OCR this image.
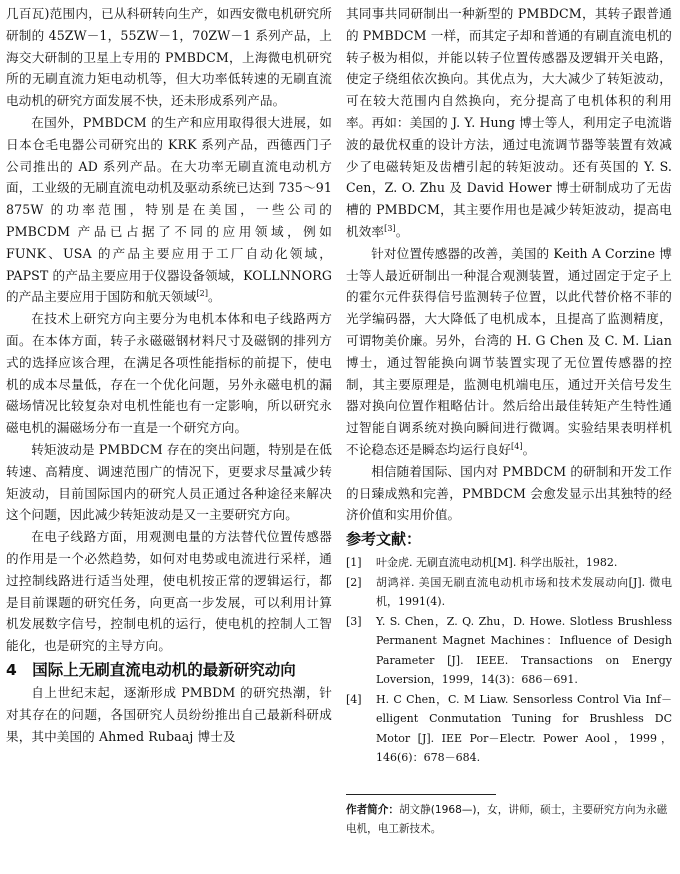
几百瓦)范围内，已从科研转向生产，如西安微电机研究所研制的 45ZW－1，55ZW－1，70ZW－1 系列产品，上海交大研制的卫星上专用的 PMBDCM，上海微电机研究所的无刷直流力矩电动机等，但大功率低转速的无刷直流电动机的研究方面发展不快，还未形成系列产品。

在国外，PMBDCM 的生产和应用取得很大进展，如日本仓毛电器公司研究出的 KRK 系列产品，西德西门子公司推出的 AD 系列产品。在大功率无刷直流电动机方面，工业级的无刷直流电动机及驱动系统已达到 735～91 875W 的功率范围，特别是在美国，一些公司的 PMBCDM 产品已占据了不同的应用领域，例如 FUNK、USA 的产品主要应用于工厂自动化领域，PAPST 的产品主要应用于仪器设备领域，KOLLNNORG 的产品主要应用于国防和航天领域[2]。

在技术上研究方向主要分为电机本体和电子线路两方面。在本体方面，转子永磁磁钢材料尺寸及磁钢的排列方式的选择应该合理，在满足各项性能指标的前提下，使电机的成本尽量低，存在一个优化问题，另外永磁电机的漏磁场情况比较复杂对电机性能也有一定影响，所以研究永磁电机的漏磁场分布一直是一个研究方向。

转矩波动是 PMBDCM 存在的突出问题，特别是在低转速、高精度、调速范围广的情况下，更要求尽量减少转矩波动，目前国际国内的研究人员正通过各种途径来解决这个问题，因此减少转矩波动是又一主要研究方向。

在电子线路方面，用观测电量的方法替代位置传感器的作用是一个必然趋势，如何对电势或电流进行采样，通过控制线路进行适当处理，使电机按正常的逻辑运行，都是目前课题的研究任务，向更高一步发展，可以利用计算机发展数字信号，控制电机的运行，使电机的控制人工智能化，也是研究的主导方向。

4　国际上无刷直流电动机的最新研究动向

自上世纪末起，逐渐形成 PMBDM 的研究热潮，针对其存在的问题，各国研究人员纷纷推出自己最新科研成果，其中美国的 Ahmed Rubaaj 博士及

其同事共同研制出一种新型的 PMBDCM，其转子跟普通的 PMBDCM 一样，而其定子却和普通的有刷直流电机的转子极为相似，并能以转子位置传感器及逻辑开关电路，使定子绕组依次换向。其优点为，大大减少了转矩波动，可在较大范围内自然换向，充分提高了电机体积的利用率。再如：美国的 J. Y. Hung 博士等人，利用定子电流谐波的最优权重的设计方法，通过电流调节器等装置有效减少了电磁转矩及齿槽引起的转矩波动。还有英国的 Y. S. Cen，Z. O. Zhu 及 David Hower 博士研制成功了无齿槽的 PMBDCM，其主要作用也是减少转矩波动，提高电机效率[3]。

针对位置传感器的改善，美国的 Keith A Corzine 博士等人最近研制出一种混合观测装置，通过固定于定子上的霍尔元件获得信号监测转子位置，以此代替价格不菲的光学编码器，大大降低了电机成本，且提高了监测精度，可谓物美价廉。另外，台湾的 H. G Chen 及 C. M. Lian 博士，通过智能换向调节装置实现了无位置传感器的控制，其主要原理是，监测电机端电压，通过开关信号发生器对换向位置作粗略估计。然后给出最佳转矩产生特性通过智能自调系统对换向瞬间进行微调。实验结果表明样机不论稳态还是瞬态均运行良好[4]。

相信随着国际、国内对 PMBDCM 的研制和开发工作的日臻成熟和完善，PMBDCM 会愈发显示出其独特的经济价值和实用价值。

参考文献：
[1]	叶金虎. 无刷直流电动机[M]. 科学出版社，1982.
[2]	胡鸿祥. 美国无刷直流电动机市场和技术发展动向[J]. 微电机，1991(4).
[3]	Y. S. Chen，Z. Q. Zhu，D. Howe. Slotless Brushless Permanent Magnet Machines：Influence of Desigh Parameter [J]. IEEE. Transactions on Energy Loversion，1999，14(3)：686－691.
[4]	H. C Chen，C. M Liaw. Sensorless Control Via Inf－elligent Conmutation Tuning for Brushless DC Motor [J]. IEE Por－Electr. Power Aool，1999，146(6)：678－684.
作者简介：胡文静(1968—)，女，讲师，硕士，主要研究方向为永磁电机，电工新技术。
